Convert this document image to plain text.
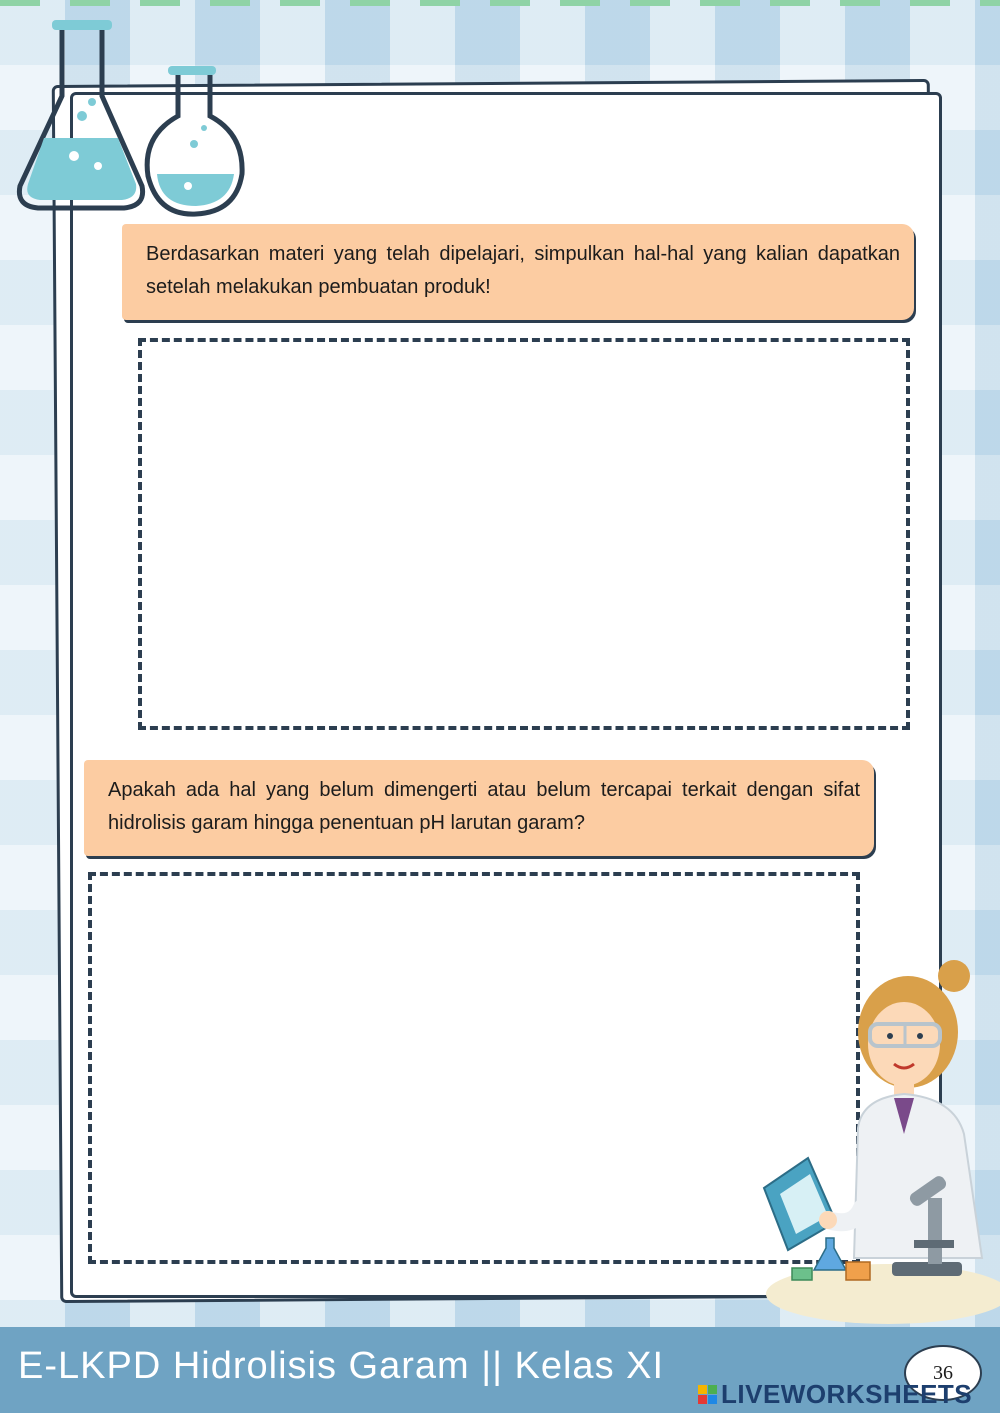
Berdasarkan materi yang telah dipelajari, simpulkan hal-hal yang kalian dapatkan setelah melakukan pembuatan produk!
Apakah ada hal yang belum dimengerti atau belum tercapai terkait dengan sifat hidrolisis garam hingga penentuan pH larutan garam?
E-LKPD Hidrolisis Garam || Kelas XI	36
LIVEWORKSHEETS
